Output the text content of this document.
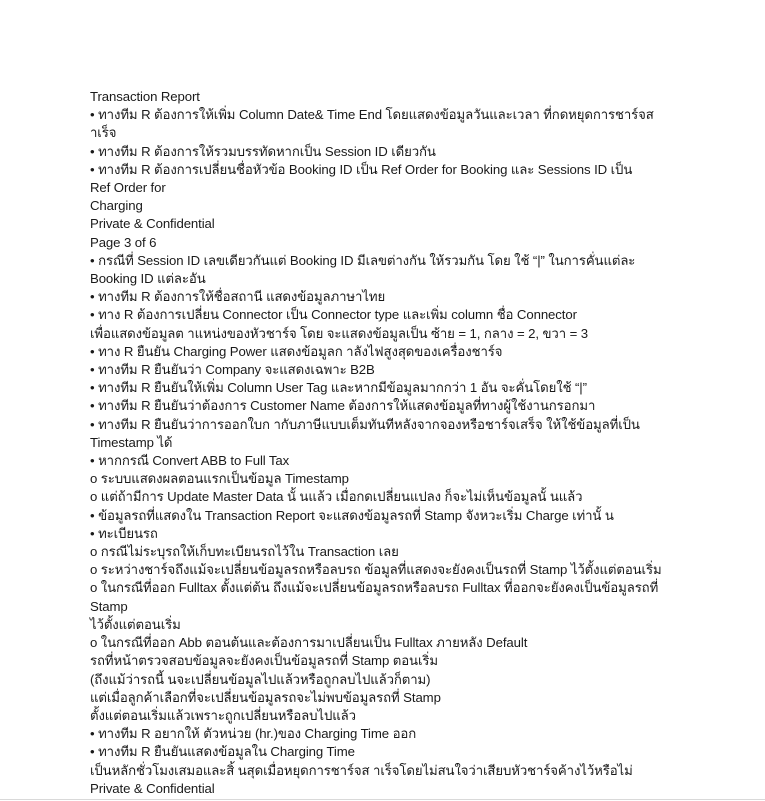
Transaction Report
• ทางทีม R ต้องการให้เพิ่ม Column Date& Time End โดยแสดงข้อมูลวันและเวลา ที่กดหยุดการชาร์จส
าเร็จ
• ทางทีม R ต้องการให้รวมบรรทัดหากเป็น Session ID เดียวกัน
• ทางทีม R ต้องการเปลี่ยนชื่อหัวข้อ Booking ID เป็น Ref Order for Booking และ Sessions ID เป็น
Ref Order for
Charging
Private & Confidential
Page 3 of 6
• กรณีที่ Session ID เลขเดียวกันแต่ Booking ID มีเลขต่างกัน ให้รวมกัน โดย ใช้ “|” ในการคั่นแต่ละ
Booking ID แต่ละอัน
• ทางทีม R ต้องการให้ชื่อสถานี แสดงข้อมูลภาษาไทย
• ทาง R ต้องการเปลี่ยน Connector เป็น Connector type และเพิ่ม column ชื่อ Connector
เพื่อแสดงข้อมูลต าแหน่งของหัวชาร์จ โดย จะแสดงข้อมูลเป็น ซ้าย = 1, กลาง = 2, ขวา = 3
• ทาง R ยืนยัน Charging Power แสดงข้อมูลก าลังไฟสูงสุดของเครื่องชาร์จ
• ทางทีม R ยืนยันว่า Company จะแสดงเฉพาะ B2B
• ทางทีม R ยืนยันให้เพิ่ม Column User Tag และหากมีข้อมูลมากกว่า 1 อัน จะคั่นโดยใช้ “|”
• ทางทีม R ยืนยันว่าต้องการ Customer Name ต้องการให้แสดงข้อมูลที่ทางผู้ใช้งานกรอกมา
• ทางทีม R ยืนยันว่าการออกใบก ากับภาษีแบบเต็มทันทีหลังจากจองหรือชาร์จเสร็จ ให้ใช้ข้อมูลที่เป็น
Timestamp ได้
• หากกรณี Convert ABB to Full Tax
o ระบบแสดงผลตอนแรกเป็นข้อมูล Timestamp
o แต่ถ้ามีการ Update Master Data นั้ นแล้ว เมื่อกดเปลี่ยนแปลง ก็จะไม่เห็นข้อมูลนั้ นแล้ว
• ข้อมูลรถที่แสดงใน Transaction Report จะแสดงข้อมูลรถที่ Stamp จังหวะเริ่ม Charge เท่านั้ น
• ทะเบียนรถ
o กรณีไม่ระบุรถให้เก็บทะเบียนรถไว้ใน Transaction เลย
o ระหว่างชาร์จถึงแม้จะเปลี่ยนข้อมูลรถหรือลบรถ ข้อมูลที่แสดงจะยังคงเป็นรถที่ Stamp ไว้ตั้งแต่ตอนเริ่ม
o ในกรณีที่ออก Fulltax ตั้งแต่ต้น ถึงแม้จะเปลี่ยนข้อมูลรถหรือลบรถ Fulltax ที่ออกจะยังคงเป็นข้อมูลรถที่
Stamp
ไว้ตั้งแต่ตอนเริ่ม
o ในกรณีที่ออก Abb ตอนต้นและต้องการมาเปลี่ยนเป็น Fulltax ภายหลัง Default
รถที่หน้าตรวจสอบข้อมูลจะยังคงเป็นข้อมูลรถที่ Stamp ตอนเริ่ม
(ถึงแม้ว่ารถนี้ นจะเปลี่ยนข้อมูลไปแล้วหรือถูกลบไปแล้วก็ตาม)
แต่เมื่อลูกค้าเลือกที่จะเปลี่ยนข้อมูลรถจะไม่พบข้อมูลรถที่ Stamp
ตั้งแต่ตอนเริ่มแล้วเพราะถูกเปลี่ยนหรือลบไปแล้ว
• ทางทีม R อยากให้ ตัวหน่วย (hr.)ของ Charging Time ออก
• ทางทีม R ยืนยันแสดงข้อมูลใน Charging Time
เป็นหลักชั่วโมงเสมอและสิ้ นสุดเมื่อหยุดการชาร์จส าเร็จโดยไม่สนใจว่าเสียบหัวชาร์จค้างไว้หรือไม่
Private & Confidential
